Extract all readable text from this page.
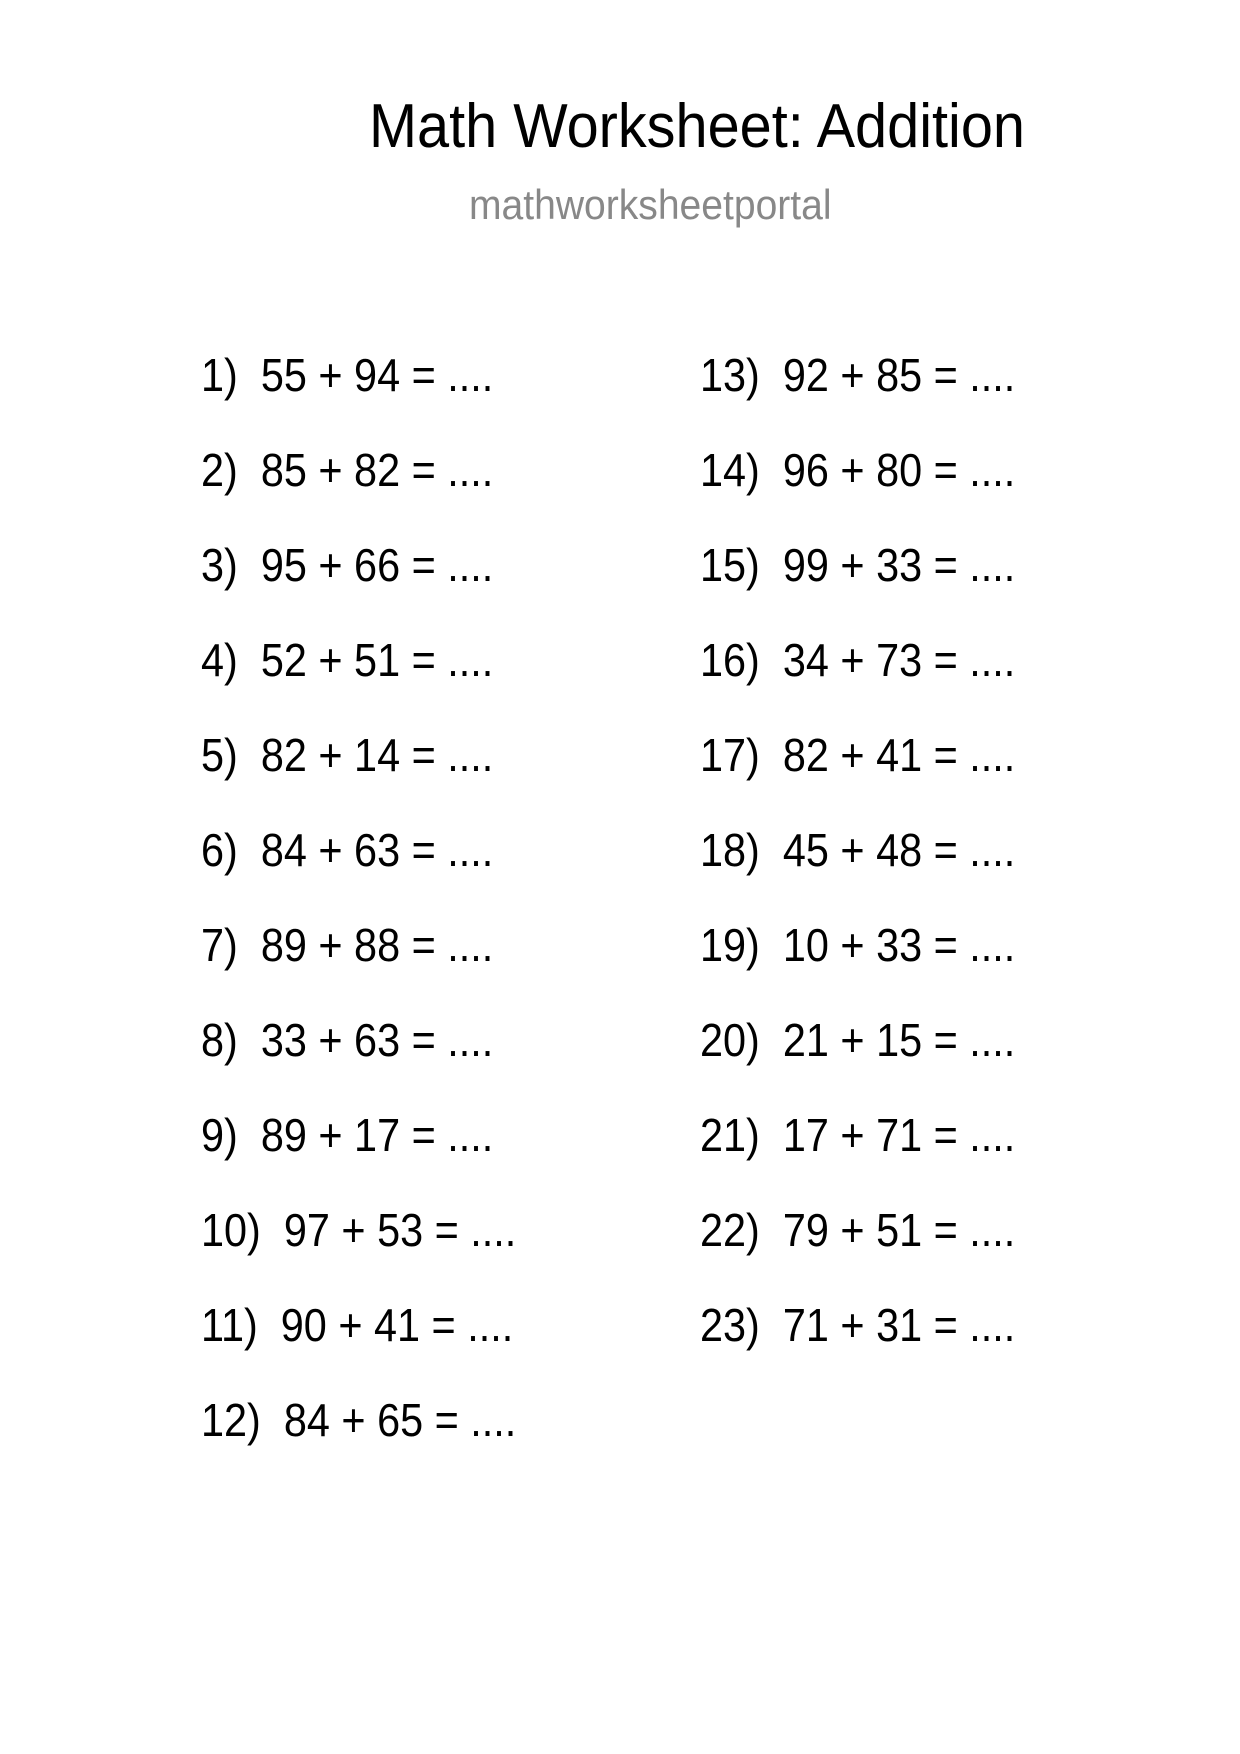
Math Worksheet: Addition
mathworksheetportal
1) 55 + 94 = ....
2) 85 + 82 = ....
3) 95 + 66 = ....
4) 52 + 51 = ....
5) 82 + 14 = ....
6) 84 + 63 = ....
7) 89 + 88 = ....
8) 33 + 63 = ....
9) 89 + 17 = ....
10) 97 + 53 = ....
11) 90 + 41 = ....
12) 84 + 65 = ....
13) 92 + 85 = ....
14) 96 + 80 = ....
15) 99 + 33 = ....
16) 34 + 73 = ....
17) 82 + 41 = ....
18) 45 + 48 = ....
19) 10 + 33 = ....
20) 21 + 15 = ....
21) 17 + 71 = ....
22) 79 + 51 = ....
23) 71 + 31 = ....
